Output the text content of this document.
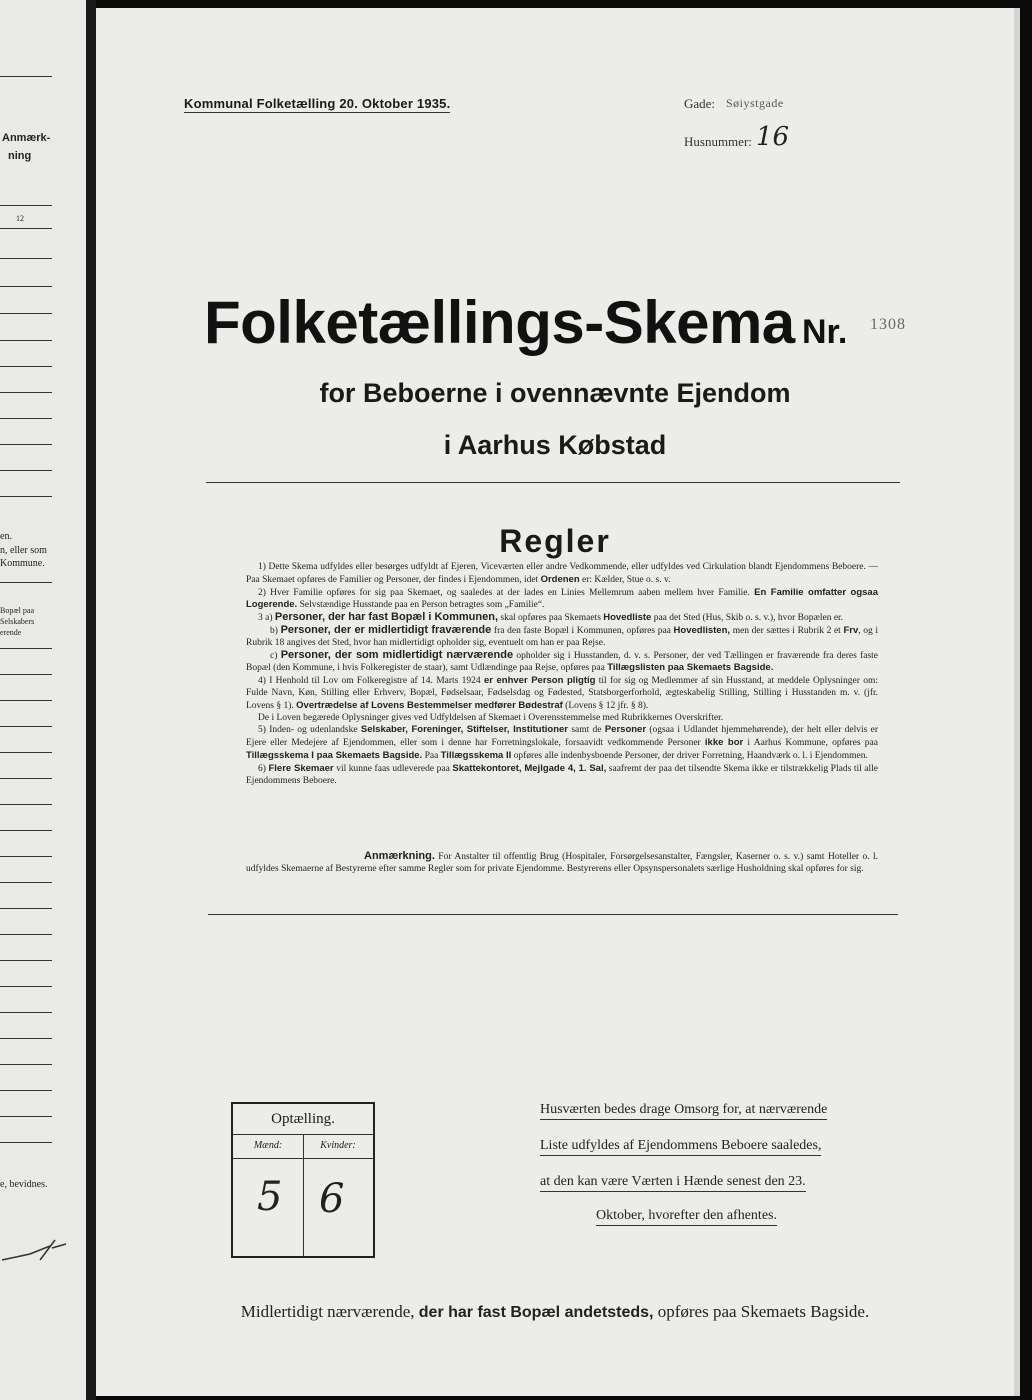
Anmærk-
ning
12
en.
n, eller som
Kommune.
Bopæl paa
Selskabers
erende
e, bevidnes.
Kommunal Folketælling 20. Oktober 1935.	Gade: Søiystgade
Husnummer: 16
Folketællings-Skema Nr. 1308
for Beboerne i ovennævnte Ejendom
i Aarhus Købstad
Regler

1) Dette Skema udfyldes eller besørges udfyldt af Ejeren, Viceværten eller andre Vedkommende, eller udfyldes ved Cirkulation blandt Ejendommens Beboere. — Paa Skemaet opføres de Familier og Personer, der findes i Ejendommen, idet Ordenen er: Kælder, Stue o. s. v.

2) Hver Familie opføres for sig paa Skemaet, og saaledes at der lades en Linies Mellemrum aaben mellem hver Familie. En Familie omfatter ogsaa Logerende. Selvstændige Husstande paa en Person betragtes som „Familie“.

3 a) Personer, der har fast Bopæl i Kommunen, skal opføres paa Skemaets Hovedliste paa det Sted (Hus, Skib o. s. v.), hvor Bopælen er.

b) Personer, der er midlertidigt fraværende fra den faste Bopæl i Kommunen, opføres paa Hovedlisten, men der sættes i Rubrik 2 et Frv, og i Rubrik 18 angives det Sted, hvor han midlertidigt opholder sig, eventuelt om han er paa Rejse.

c) Personer, der som midlertidigt nærværende opholder sig i Husstanden, d. v. s. Personer, der ved Tællingen er fraværende fra deres faste Bopæl (den Kommune, i hvis Folkeregister de staar), samt Udlændinge paa Rejse, opføres paa Tillægslisten paa Skemaets Bagside.

4) I Henhold til Lov om Folkeregistre af 14. Marts 1924 er enhver Person pligtig til for sig og Medlemmer af sin Husstand, at meddele Oplysninger om: Fulde Navn, Køn, Stilling eller Erhverv, Bopæl, Fødselsaar, Fødselsdag og Fødested, Statsborgerforhold, ægteskabelig Stilling, Stilling i Husstanden m. v. (jfr. Lovens § 1). Overtrædelse af Lovens Bestemmelser medfører Bødestraf (Lovens § 12 jfr. § 8).

De i Loven begærede Oplysninger gives ved Udfyldelsen af Skemaet i Overensstemmelse med Rubrikkernes Overskrifter.

5) Inden- og udenlandske Selskaber, Foreninger, Stiftelser, Institutioner samt de Personer (ogsaa i Udlandet hjemmehørende), der helt eller delvis er Ejere eller Medejere af Ejendommen, eller som i denne har Forretningslokale, forsaavidt vedkommende Personer ikke bor i Aarhus Kommune, opføres paa Tillægsskema I paa Skemaets Bagside. Paa Tillægsskema II opføres alle indenbysboende Personer, der driver Forretning, Haandværk o. l. i Ejendommen.

6) Flere Skemaer vil kunne faas udleverede paa Skattekontoret, Mejlgade 4, 1. Sal, saafremt der paa det tilsendte Skema ikke er tilstrækkelig Plads til alle Ejendommens Beboere.

Anmærkning. For Anstalter til offentlig Brug (Hospitaler, Forsørgelsesanstalter, Fængsler, Kaserner o. s. v.) samt Hoteller o. l. udfyldes Skemaerne af Bestyrerne efter samme Regler som for private Ejendomme. Bestyrerens eller Opsynspersonalets særlige Husholdning skal opføres for sig.

Optælling.
Mænd:	Kvinder:
5 6
Husværten bedes drage Omsorg for, at nærværende
Liste udfyldes af Ejendommens Beboere saaledes,
at den kan være Værten i Hænde senest den 23.
Oktober, hvorefter den afhentes.
Midlertidigt nærværende, der har fast Bopæl andetsteds, opføres paa Skemaets Bagside.
